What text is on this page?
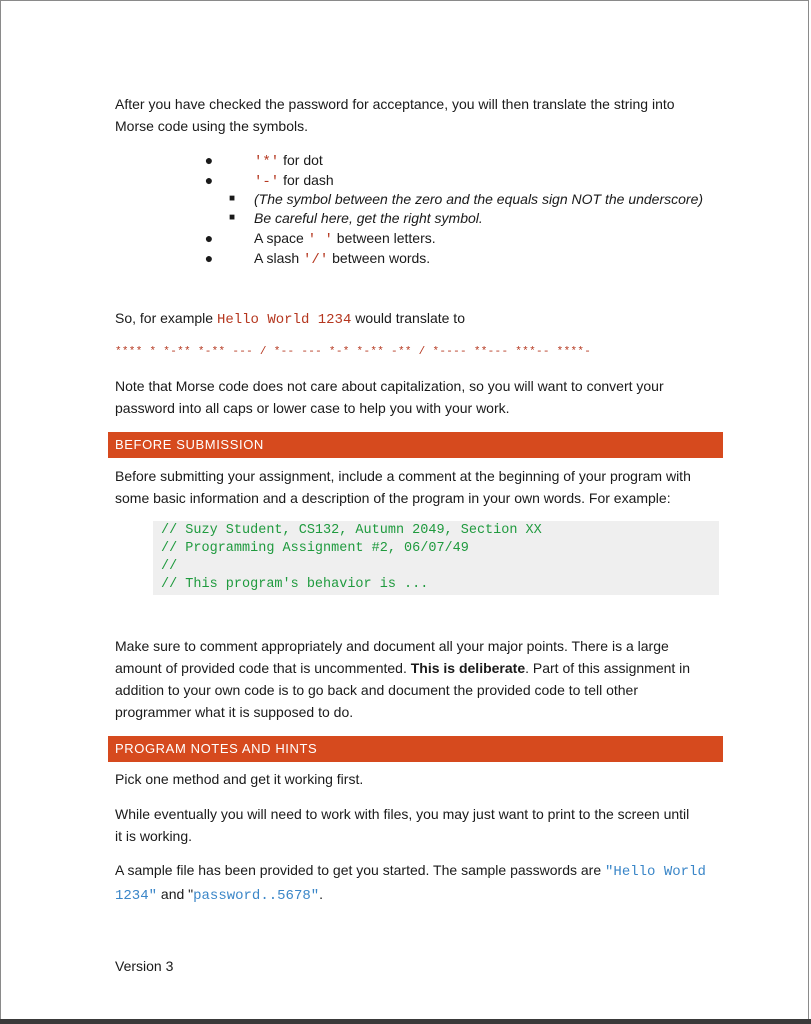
After you have checked the password for acceptance, you will then translate the string into
Morse code using the symbols.
●	'*' for dot
●	'-' for dash
■ (The symbol between the zero and the equals sign NOT the underscore)
■ Be careful here, get the right symbol.
●	A space ' ' between letters.
●	A slash '/' between words.
So, for example Hello World 1234 would translate to
**** * *-** *-** --- / *-- --- *-* *-** -** / *---- **--- ***-- ****-
Note that Morse code does not care about capitalization, so you will want to convert your
password into all caps or lower case to help you with your work.
BEFORE SUBMISSION
Before submitting your assignment, include a comment at the beginning of your program with
some basic information and a description of the program in your own words. For example:
// Suzy Student, CS132, Autumn 2049, Section XX
// Programming Assignment #2, 06/07/49
//
// This program's behavior is ...
Make sure to comment appropriately and document all your major points. There is a large
amount of provided code that is uncommented. This is deliberate. Part of this assignment in
addition to your own code is to go back and document the provided code to tell other
programmer what it is supposed to do.
PROGRAM NOTES AND HINTS
Pick one method and get it working first.
While eventually you will need to work with files, you may just want to print to the screen until
it is working.
A sample file has been provided to get you started. The sample passwords are "Hello World
1234" and "password..5678".
Version 3
